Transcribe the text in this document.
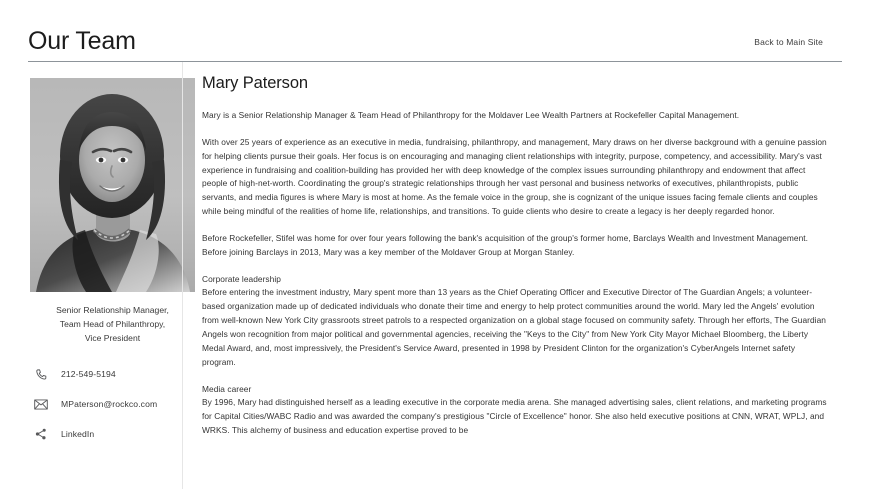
Our Team	Back to Main Site
Senior Relationship Manager,
Team Head of Philanthropy,
Vice President
212-549-5194
MPaterson@rockco.com
LinkedIn
Mary Paterson

Mary is a Senior Relationship Manager & Team Head of Philanthropy for the Moldaver Lee Wealth Partners at Rockefeller Capital Management.

With over 25 years of experience as an executive in media, fundraising, philanthropy, and management, Mary draws on her diverse background with a genuine passion for helping clients pursue their goals. Her focus is on encouraging and managing client relationships with integrity, purpose, competency, and accessibility. Mary's vast experience in fundraising and coalition-building has provided her with deep knowledge of the complex issues surrounding philanthropy and endowment that affect people of high-net-worth. Coordinating the group's strategic relationships through her vast personal and business networks of executives, philanthropists, public servants, and media figures is where Mary is most at home. As the female voice in the group, she is cognizant of the unique issues facing female clients and couples while being mindful of the realities of home life, relationships, and transitions. To guide clients who desire to create a legacy is her deeply regarded honor.

Before Rockefeller, Stifel was home for over four years following the bank's acquisition of the group's former home, Barclays Wealth and Investment Management. Before joining Barclays in 2013, Mary was a key member of the Moldaver Group at Morgan Stanley.

Corporate leadership

Before entering the investment industry, Mary spent more than 13 years as the Chief Operating Officer and Executive Director of The Guardian Angels; a volunteer-based organization made up of dedicated individuals who donate their time and energy to help protect communities around the world. Mary led the Angels' evolution from well-known New York City grassroots street patrols to a respected organization on a global stage focused on community safety. Through her efforts, The Guardian Angels won recognition from major political and governmental agencies, receiving the "Keys to the City" from New York City Mayor Michael Bloomberg, the Liberty Medal Award, and, most impressively, the President's Service Award, presented in 1998 by President Clinton for the organization's CyberAngels Internet safety program.

Media career

By 1996, Mary had distinguished herself as a leading executive in the corporate media arena. She managed advertising sales, client relations, and marketing programs for Capital Cities/WABC Radio and was awarded the company's prestigious "Circle of Excellence" honor. She also held executive positions at CNN, WRAT, WPLJ, and WRKS. This alchemy of business and education expertise proved to be
